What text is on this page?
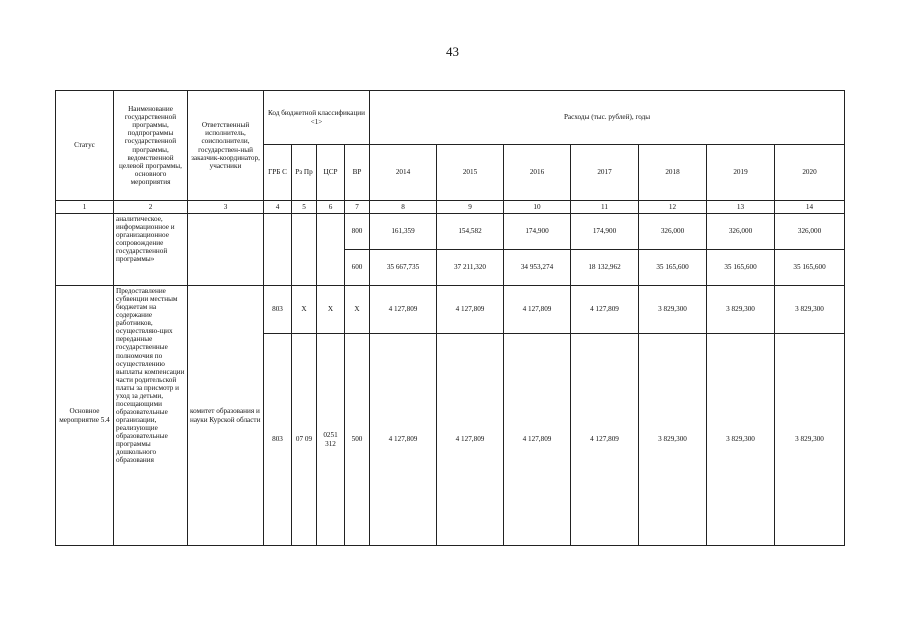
43
Статус	Наименование государственной программы, подпрограммы государственной программы, ведомственной целевой программы, основного мероприятия	Ответственный исполнитель, соисполнители, государствен-ный заказчик-координатор, участники	Код бюджетной классификации <1>				Расходы (тыс. рублей), годы						
			ГРБ С	Рз Пр	ЦСР	ВР	2014	2015	2016	2017	2018	2019	2020
1	2	3	4	5	6	7	8	9	10	11	12	13	14
	аналитическое, информационное и организационное сопровождение государственной программы»					800	161,359	154,582	174,900	174,900	326,000	326,000	326,000
						600	35 667,735	37 211,320	34 953,274	18 132,962	35 165,600	35 165,600	35 165,600
Основное мероприятие 5.4	Предоставление субвенции местным бюджетам на содержание работников, осуществляю-щих переданные государственные полномочия по осуществлению выплаты компенсации части родительской платы за присмотр и уход за детьми, посещающими образовательные организации, реализующие образовательные программы дошкольного образования	комитет образования и науки Курской области	803	X	X	X	4 127,809	4 127,809	4 127,809	4 127,809	3 829,300	3 829,300	3 829,300
			803	07 09	0251 312	500	4 127,809	4 127,809	4 127,809	4 127,809	3 829,300	3 829,300	3 829,300
